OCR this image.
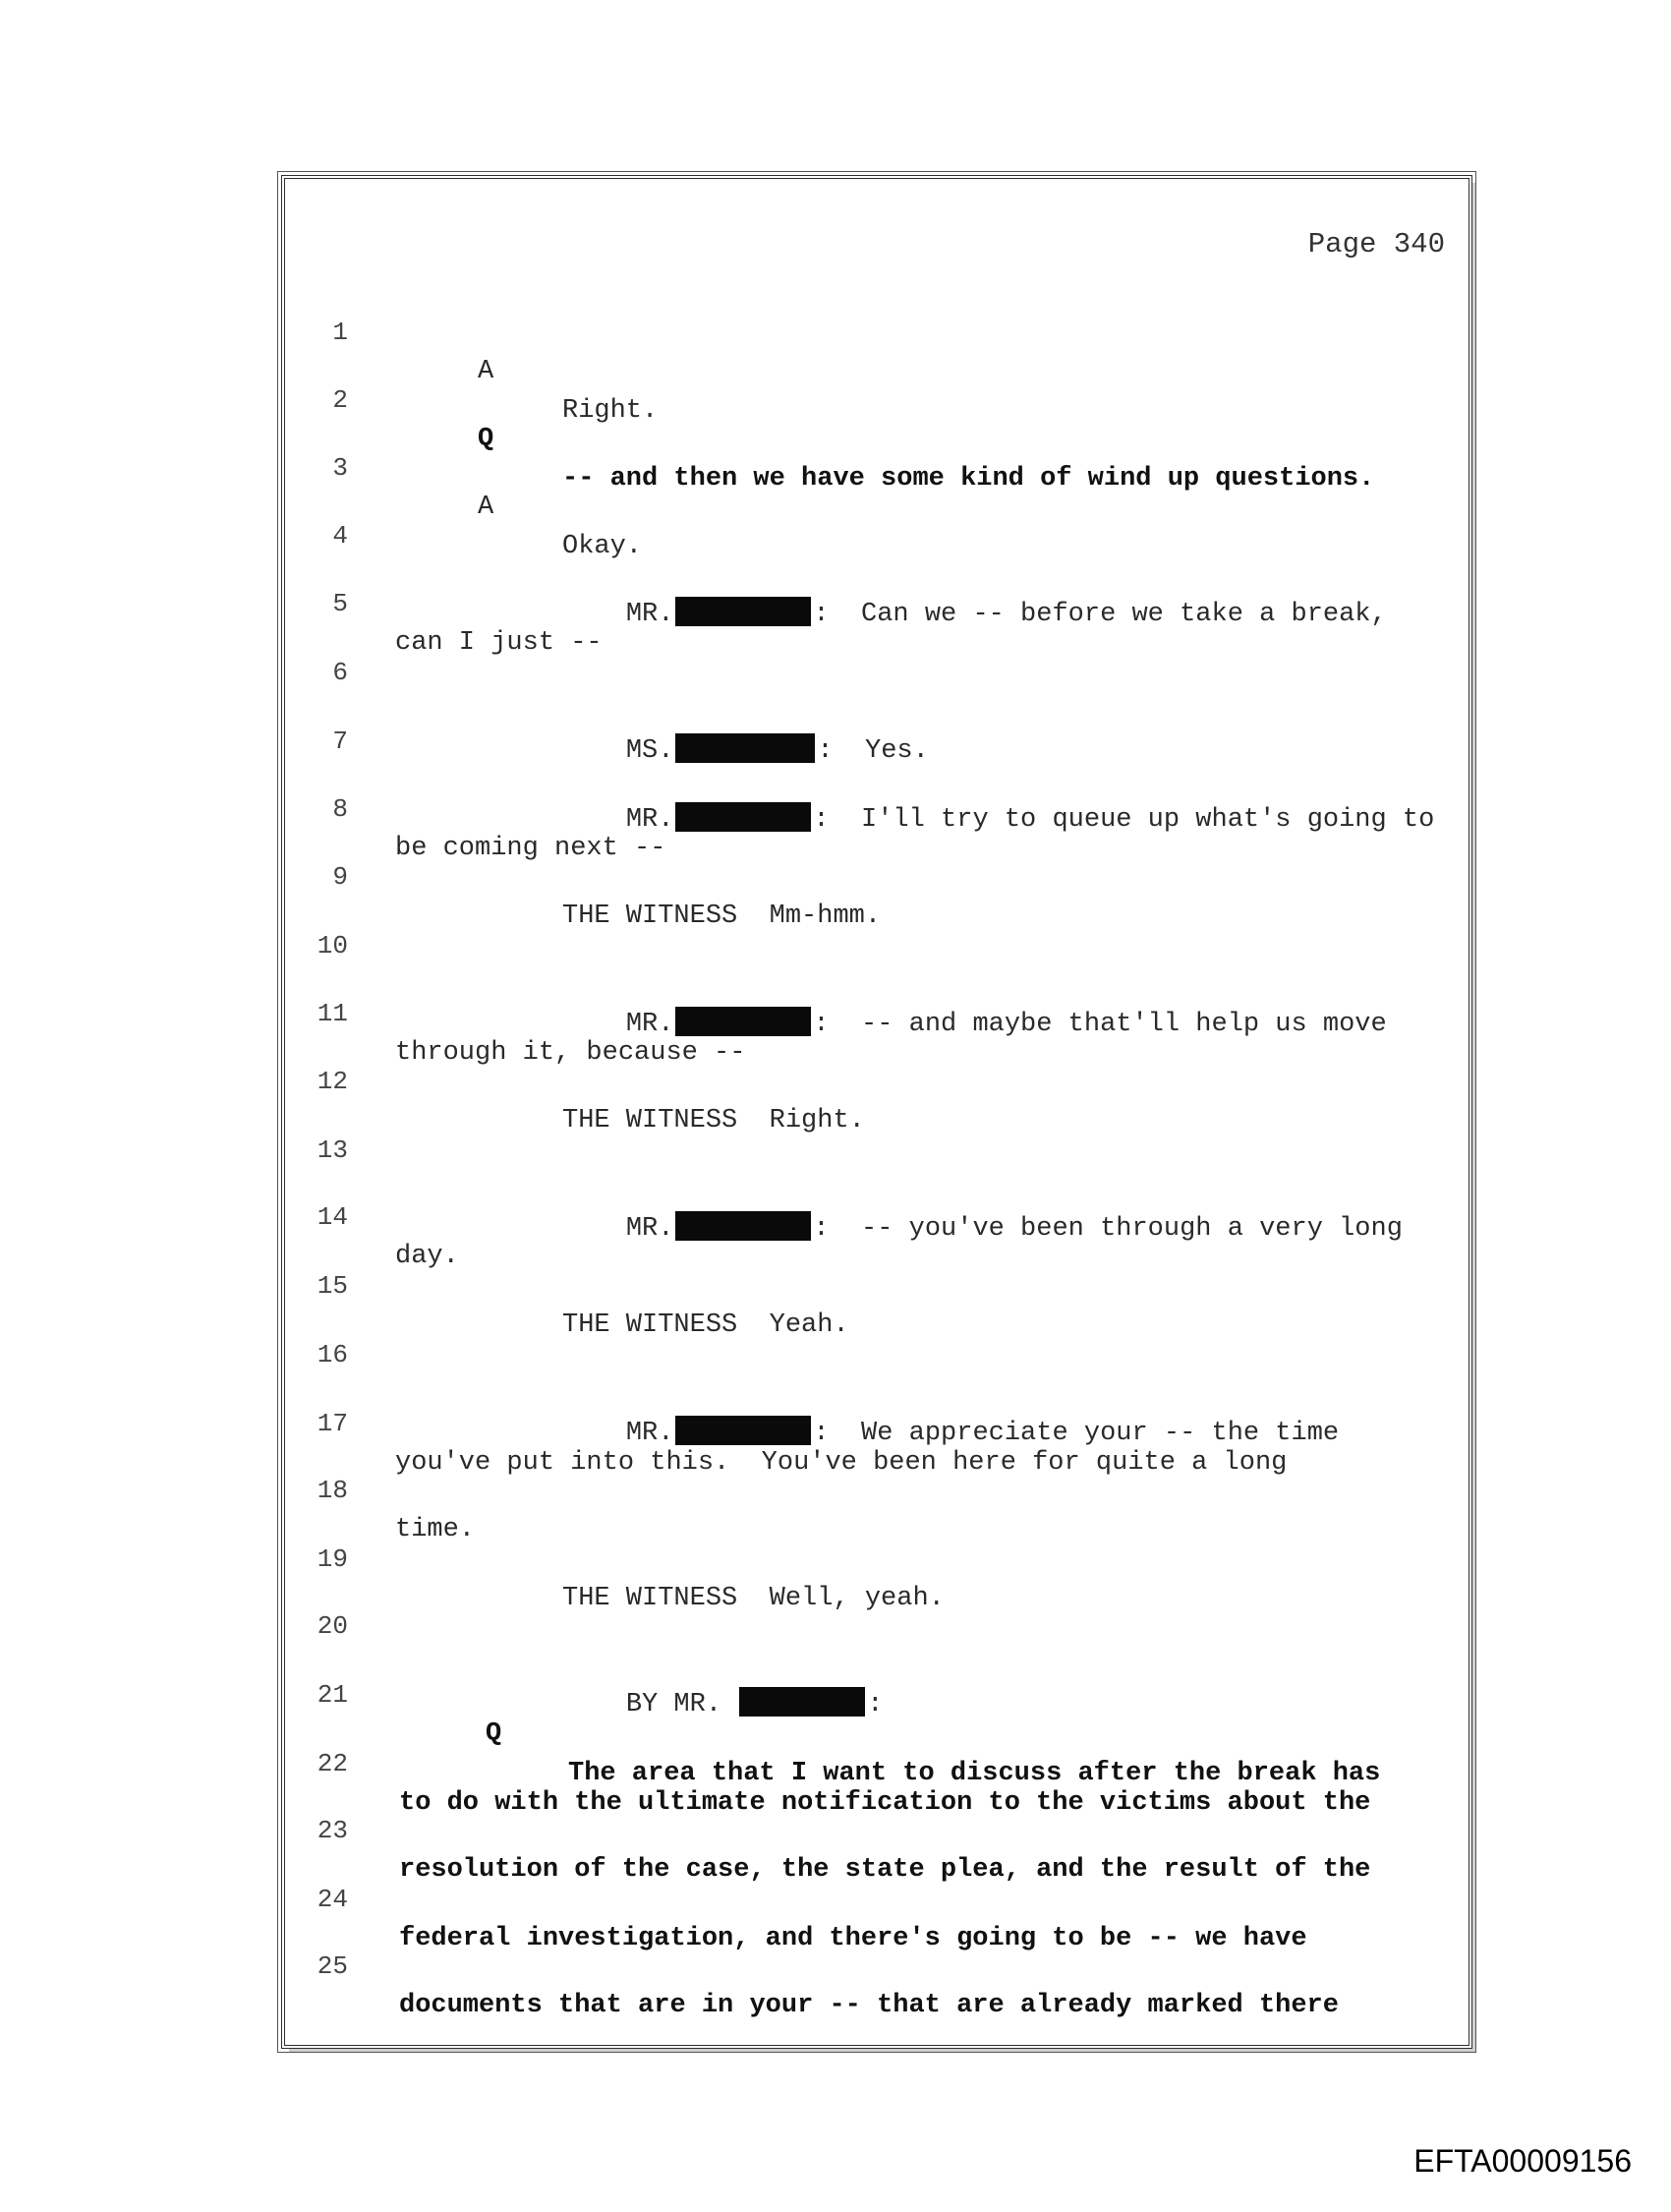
Page 340

1

A

Right.

2

Q

-- and then we have some kind of wind up questions.

3

A

Okay.

4

MR.	:  Can we -- before we take a break,

5

can I just --

6

MS.	:  Yes.

7

MR.	:  I'll try to queue up what's going to

8

be coming next --

9

THE WITNESS  Mm-hmm.

10

MR.	:  -- and maybe that'll help us move

11

through it, because --

12

THE WITNESS  Right.

13

MR.	:  -- you've been through a very long

14

day.

15

THE WITNESS  Yeah.

16

MR.	:  We appreciate your -- the time

17

you've put into this.  You've been here for quite a long

18

time.

19

THE WITNESS  Well, yeah.

20

BY MR.	:

21

Q

The area that I want to discuss after the break has

22

to do with the ultimate notification to the victims about the

23

resolution of the case, the state plea, and the result of the

24

federal investigation, and there's going to be -- we have

25

documents that are in your -- that are already marked there

EFTA00009156
